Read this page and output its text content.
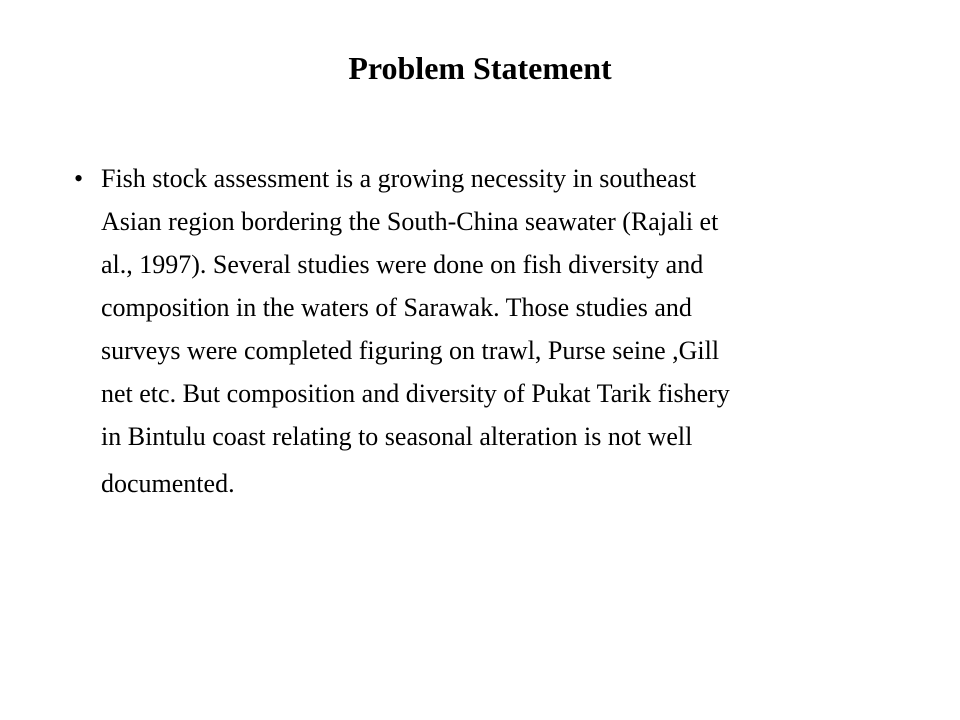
Problem Statement
• Fish stock assessment is a growing necessity in southeast
Asian region bordering the South-China seawater (Rajali et
al., 1997). Several studies were done on fish diversity and
composition in the waters of Sarawak. Those studies and
surveys were completed figuring on trawl, Purse seine ,Gill
net etc. But composition and diversity of Pukat Tarik fishery
in Bintulu coast relating to seasonal alteration is not well
documented.
